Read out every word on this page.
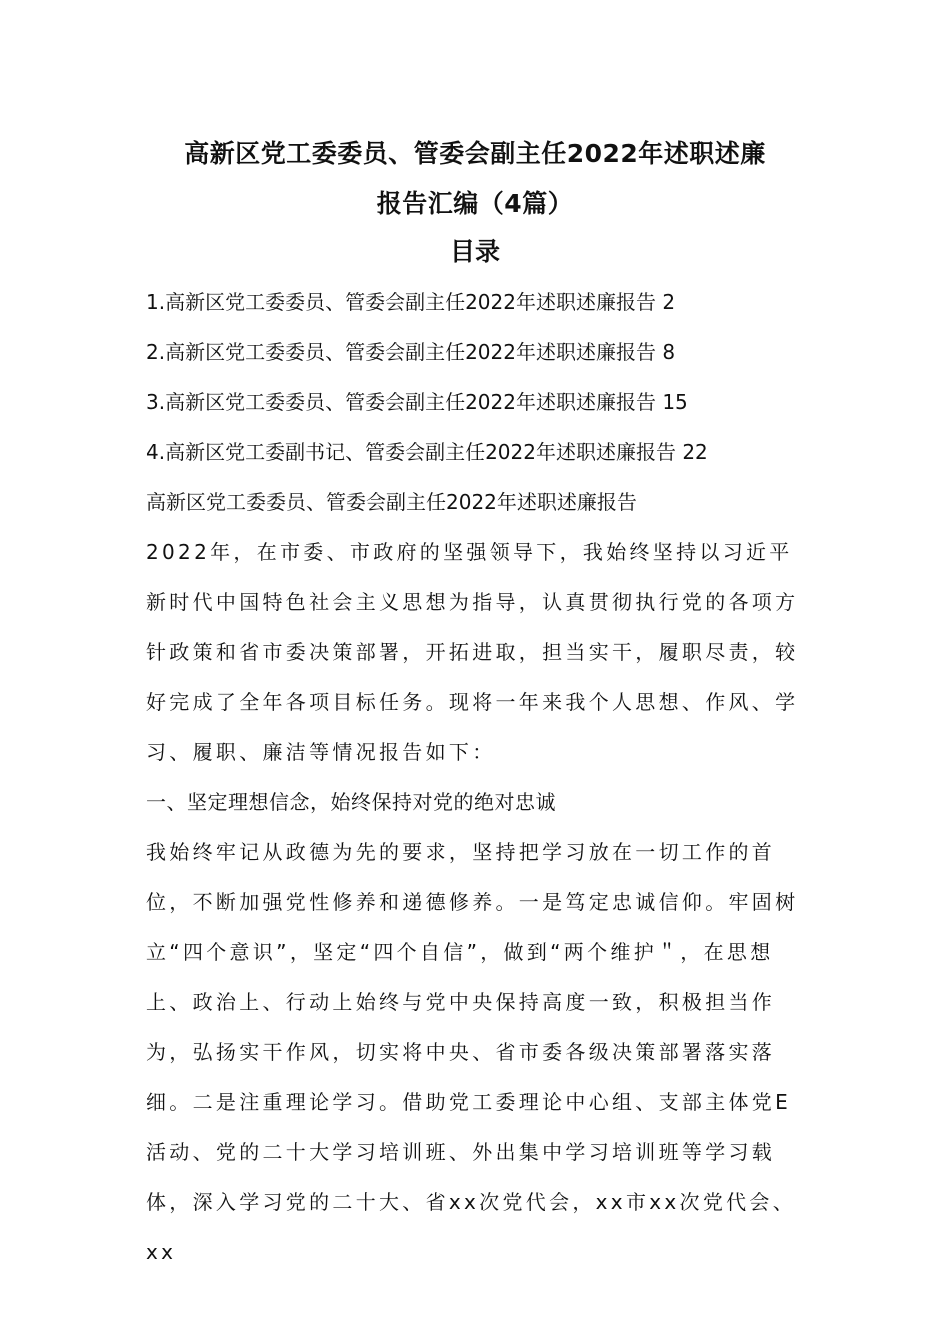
高新区党工委委员、管委会副主任2022年述职述廉
报告汇编（4篇）
目录
1.高新区党工委委员、管委会副主任2022年述职述廉报告 2
2.高新区党工委委员、管委会副主任2022年述职述廉报告 8
3.高新区党工委委员、管委会副主任2022年述职述廉报告 15
4.高新区党工委副书记、管委会副主任2022年述职述廉报告 22
高新区党工委委员、管委会副主任2022年述职述廉报告

2022年，在市委、市政府的坚强领导下，我始终坚持以习近平新时代中国特色社会主义思想为指导，认真贯彻执行党的各项方针政策和省市委决策部署，开拓进取，担当实干，履职尽责，较好完成了全年各项目标任务。现将一年来我个人思想、作风、学习、履职、廉洁等情况报告如下：

一、坚定理想信念，始终保持对党的绝对忠诚

我始终牢记从政德为先的要求，坚持把学习放在一切工作的首位，不断加强党性修养和递德修养。一是笃定忠诚信仰。牢固树立“四个意识”，坚定“四个自信”，做到“两个维护＂，在思想上、政治上、行动上始终与党中央保持高度一致，积极担当作为，弘扬实干作风，切实将中央、省市委各级决策部署落实落细。二是注重理论学习。借助党工委理论中心组、支部主体党E活动、党的二十大学习培训班、外出集中学习培训班等学习载体，深入学习党的二十大、省xx次党代会，xx市xx次党代会、xx
